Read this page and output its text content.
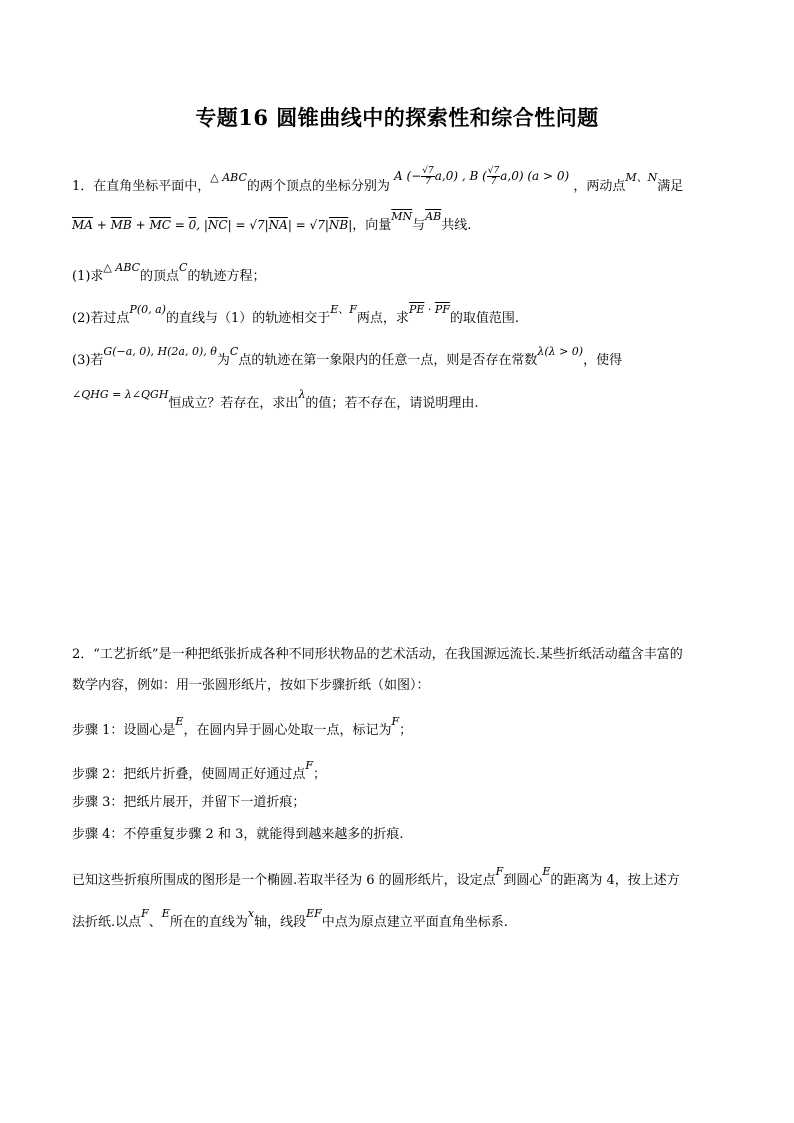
专题16 圆锥曲线中的探索性和综合性问题
1．在直角坐标平面中，$^{\triangle ABC}$的两个顶点的坐标分别为 A (− $\frac{√7}{7} a,0$) , B ( $\frac{√7}{7} a,0$) (a > 0) ，两动点$^{M、N}$满足
$\overline{MA} + \overline{MB} + \overline{MC} = 0$, $|\overline{NC}| = √7|\overline{NA}| = √7|\overline{NB}|$，向量$^{\overline{MN}}$与$^{\overline{AB}}$共线.
(1)求$^{\triangle ABC}$的顶点$^C$的轨迹方程；
(2)若过点$^{P(0, a)}$的直线与（1）的轨迹相交于$^{E、F}$两点，求$^{\overline{PE} \cdot \overline{PF}}$的取值范围.
(3)若$^{G(-a, 0), H(2a, 0), \theta}$为$^C$点的轨迹在第一象限内的任意一点，则是否存在常数$^{\lambda(\lambda > 0)}$，使得
$^{\angle QHG = \lambda\angle QGH}$恒成立？若存在，求出$^\lambda$的值；若不存在，请说明理由.
2．“工艺折纸”是一种把纸张折成各种不同形状物品的艺术活动，在我国源远流长.某些折纸活动蕴含丰富的
数学内容，例如：用一张圆形纸片，按如下步骤折纸（如图）：
步骤 1：设圆心是$^E$，在圆内异于圆心处取一点，标记为$^F$；
步骤 2：把纸片折叠，使圆周正好通过点$^F$；
步骤 3：把纸片展开，并留下一道折痕；
步骤 4：不停重复步骤 2 和 3，就能得到越来越多的折痕.
已知这些折痕所围成的图形是一个椭圆.若取半径为 6 的圆形纸片，设定点$^F$到圆心$^E$的距离为 4，按上述方
法折纸.以点$^F$、$^E$所在的直线为$^x$轴，线段$^{EF}$中点为原点建立平面直角坐标系.
